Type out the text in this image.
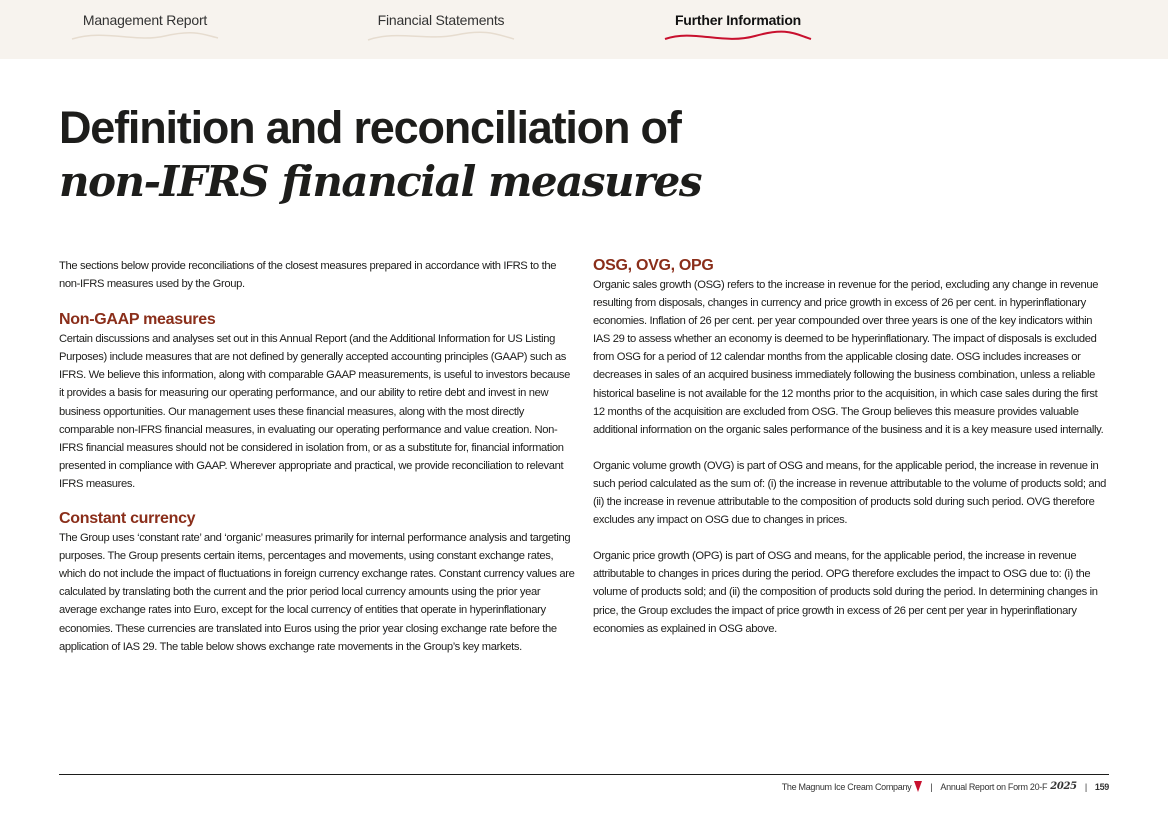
Management Report	Financial Statements	Further Information
Definition and reconciliation of
non-IFRS financial measures

The sections below provide reconciliations of the closest measures prepared in accordance with IFRS to the non-IFRS measures used by the Group.

Non-GAAP measures

Certain discussions and analyses set out in this Annual Report (and the Additional Information for US Listing Purposes) include measures that are not defined by generally accepted accounting principles (GAAP) such as IFRS. We believe this information, along with comparable GAAP measurements, is useful to investors because it provides a basis for measuring our operating performance, and our ability to retire debt and invest in new business opportunities. Our management uses these financial measures, along with the most directly comparable non-IFRS financial measures, in evaluating our operating performance and value creation. Non-IFRS financial measures should not be considered in isolation from, or as a substitute for, financial information presented in compliance with GAAP. Wherever appropriate and practical, we provide reconciliation to relevant IFRS measures.

Constant currency

The Group uses ‘constant rate’ and ‘organic’ measures primarily for internal performance analysis and targeting purposes. The Group presents certain items, percentages and movements, using constant exchange rates, which do not include the impact of fluctuations in foreign currency exchange rates. Constant currency values are calculated by translating both the current and the prior period local currency amounts using the prior year average exchange rates into Euro, except for the local currency of entities that operate in hyperinflationary economies. These currencies are translated into Euros using the prior year closing exchange rate before the application of IAS 29. The table below shows exchange rate movements in the Group’s key markets.

OSG, OVG, OPG

Organic sales growth (OSG) refers to the increase in revenue for the period, excluding any change in revenue resulting from disposals, changes in currency and price growth in excess of 26 per cent. in hyperinflationary economies. Inflation of 26 per cent. per year compounded over three years is one of the key indicators within IAS 29 to assess whether an economy is deemed to be hyperinflationary. The impact of disposals is excluded from OSG for a period of 12 calendar months from the applicable closing date. OSG includes increases or decreases in sales of an acquired business immediately following the business combination, unless a reliable historical baseline is not available for the 12 months prior to the acquisition, in which case sales during the first 12 months of the acquisition are excluded from OSG. The Group believes this measure provides valuable additional information on the organic sales performance of the business and it is a key measure used internally.

Organic volume growth (OVG) is part of OSG and means, for the applicable period, the increase in revenue in such period calculated as the sum of: (i) the increase in revenue attributable to the volume of products sold; and (ii) the increase in revenue attributable to the composition of products sold during such period. OVG therefore excludes any impact on OSG due to changes in prices.

Organic price growth (OPG) is part of OSG and means, for the applicable period, the increase in revenue attributable to changes in prices during the period. OPG therefore excludes the impact to OSG due to: (i) the volume of products sold; and (ii) the composition of products sold during the period. In determining changes in price, the Group excludes the impact of price growth in excess of 26 per cent per year in hyperinflationary economies as explained in OSG above.

The Magnum Ice Cream Company | Annual Report on Form 20-F 2025 | 159
